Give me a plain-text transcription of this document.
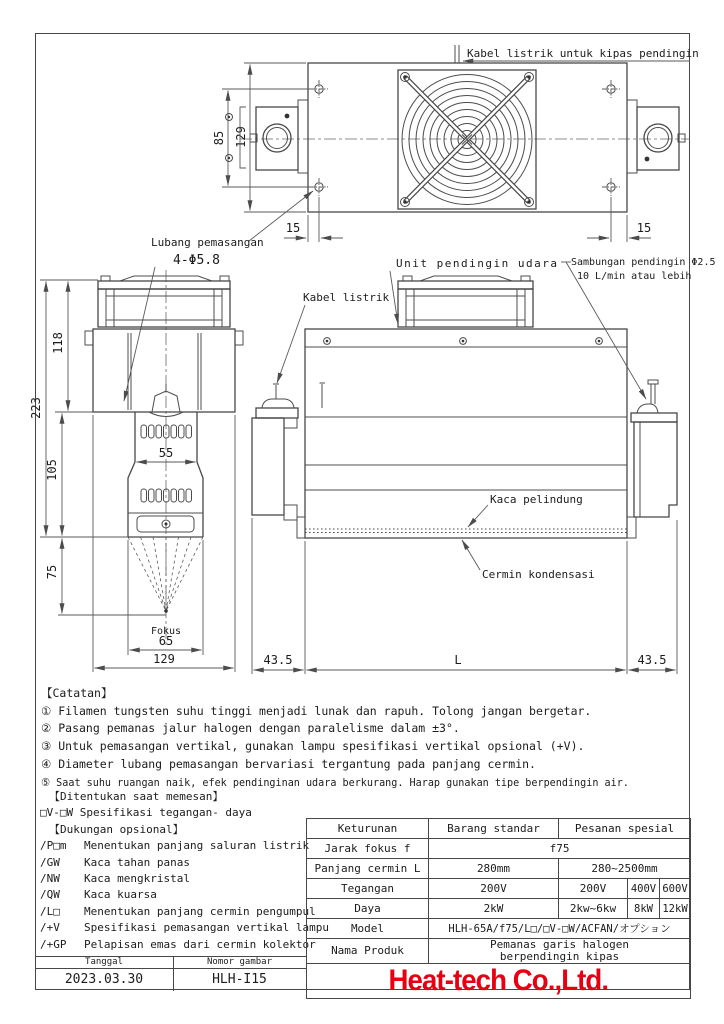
Kabel listrik untuk kipas pendingin
129
85
15	15
Lubang pemasangan
4-Φ5.8
55
Fokus
223
118
105
75
65
129
Unit pendingin udara
Kabel listrik
Sambungan pendingin Φ2.5
10 L/min atau lebih
Kaca pelindung
Cermin kondensasi
43.5	L	43.5
【Catatan】
① Filamen tungsten suhu tinggi menjadi lunak dan rapuh. Tolong jangan bergetar.
② Pasang pemanas jalur halogen dengan paralelisme dalam ±3°.
③ Untuk pemasangan vertikal, gunakan lampu spesifikasi vertikal opsional (+V).
④ Diameter lubang pemasangan bervariasi tergantung pada panjang cermin.
⑤ Saat suhu ruangan naik, efek pendinginan udara berkurang. Harap gunakan tipe berpendingin air.
【Ditentukan saat memesan】
□V-□W Spesifikasi tegangan- daya
【Dukungan opsional】
/P□m	Menentukan panjang saluran listrik
/GW	Kaca tahan panas
/NW	Kaca mengkristal
/QW	Kaca kuarsa
/L□	Menentukan panjang cermin pengumpul
/+V	Spesifikasi pemasangan vertikal lampu
/+GP	Pelapisan emas dari cermin kolektor
Keturunan	Barang standar	Pesanan spesial		
Jarak fokus f	f75			
Panjang cermin L	280mm	280~2500mm		
Tegangan	200V	200V	400V	600V
Daya	2kW	2kw~6kw	8kW	12kW
Model	HLH-65A/f75/L□/□V-□W/ACFAN/オプション			
Nama Produk	Pemanas garis halogen
berpendingin kipas			

Heat-tech Co.,Ltd.				
Tanggal	Nomor gambar
2023.03.30	HLH-I15
